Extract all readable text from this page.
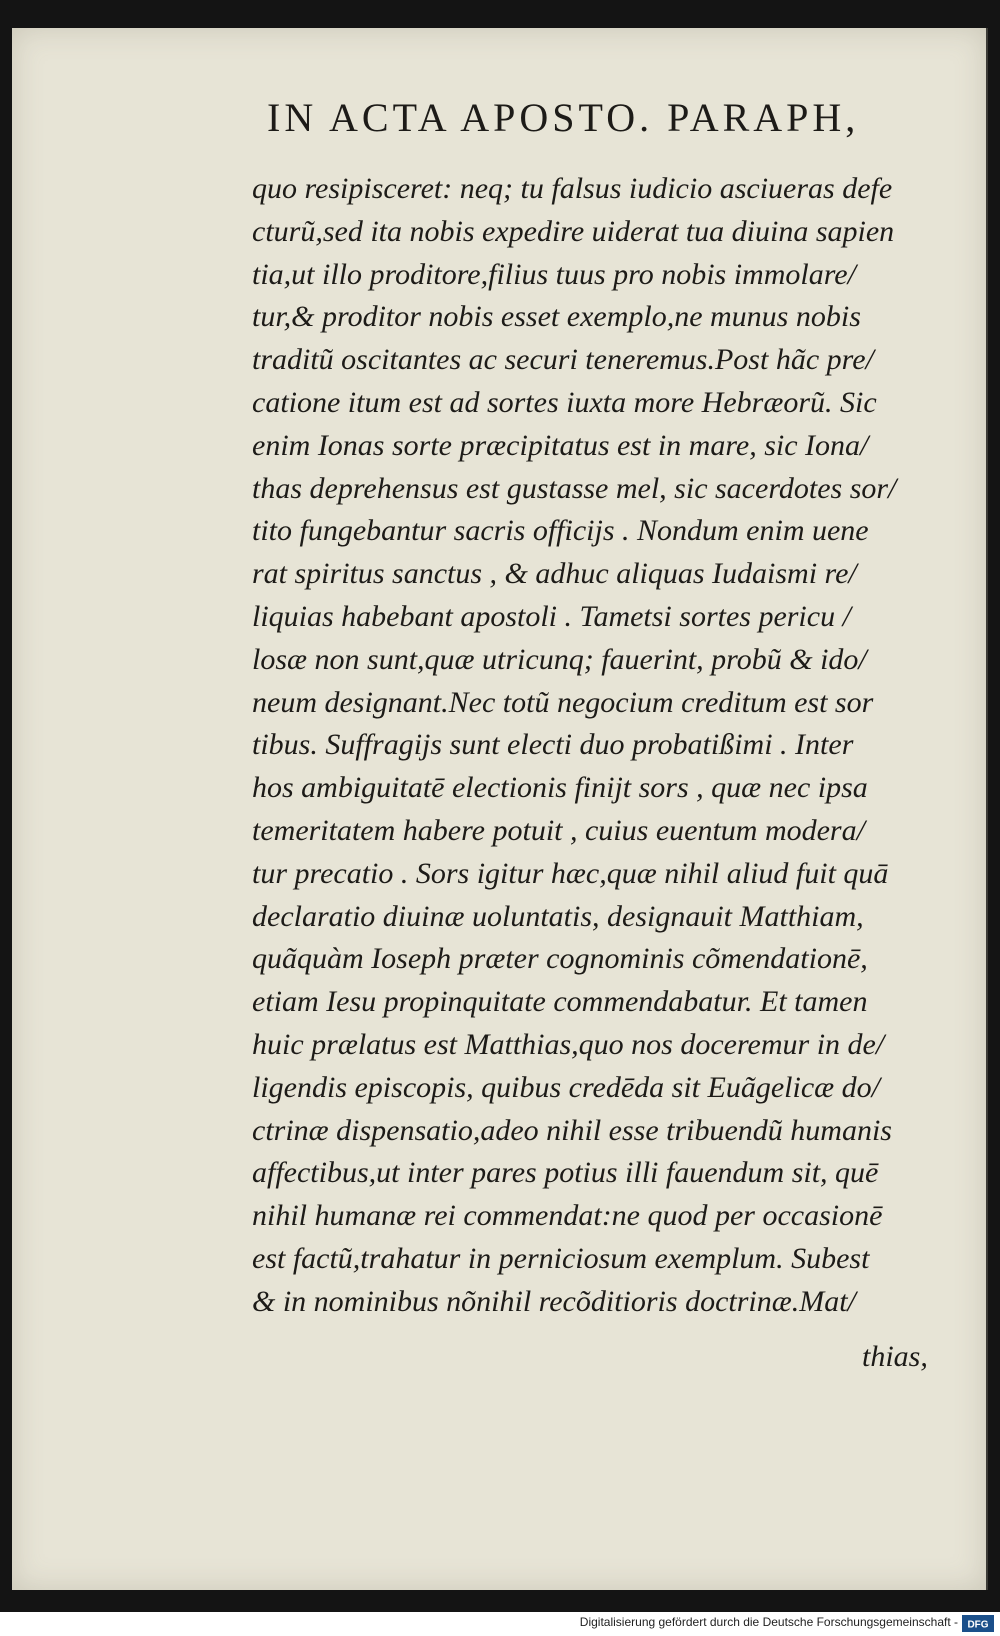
IN ACTA APOSTO. PARAPH,
quo resipisceret: neq; tu falsus iudicio asciueras defe
cturũ,sed ita nobis expedire uiderat tua diuina sapien
tia,ut illo proditore,filius tuus pro nobis immolare/
tur,& proditor nobis esset exemplo,ne munus nobis
traditũ oscitantes ac securi teneremus.Post hãc pre/
catione itum est ad sortes iuxta more Hebræorũ. Sic
enim Ionas sorte præcipitatus est in mare, sic Iona/
thas deprehensus est gustasse mel, sic sacerdotes sor/
tito fungebantur sacris officijs . Nondum enim uene
rat spiritus sanctus , & adhuc aliquas Iudaismi re/
liquias habebant apostoli . Tametsi sortes pericu /
losæ non sunt,quæ utricunq; fauerint, probũ & ido/
neum designant.Nec totũ negocium creditum est sor
tibus. Suffragijs sunt electi duo probatißimi . Inter
hos ambiguitatē electionis finijt sors , quæ nec ipsa
temeritatem habere potuit , cuius euentum modera/
tur precatio . Sors igitur hæc,quæ nihil aliud fuit quā
declaratio diuinæ uoluntatis, designauit Matthiam,
quãquàm Ioseph præter cognominis cõmendationē,
etiam Iesu propinquitate commendabatur. Et tamen
huic prælatus est Matthias,quo nos doceremur in de/
ligendis episcopis, quibus credēda sit Euãgelicæ do/
ctrinæ dispensatio,adeo nihil esse tribuendũ humanis
affectibus,ut inter pares potius illi fauendum sit, quē
nihil humanæ rei commendat:ne quod per occasionē
est factũ,trahatur in perniciosum exemplum. Subest
& in nominibus nõnihil recõditioris doctrinæ.Mat/
thias,
Digitalisierung gefördert durch die Deutsche Forschungsgemeinschaft - DFG
